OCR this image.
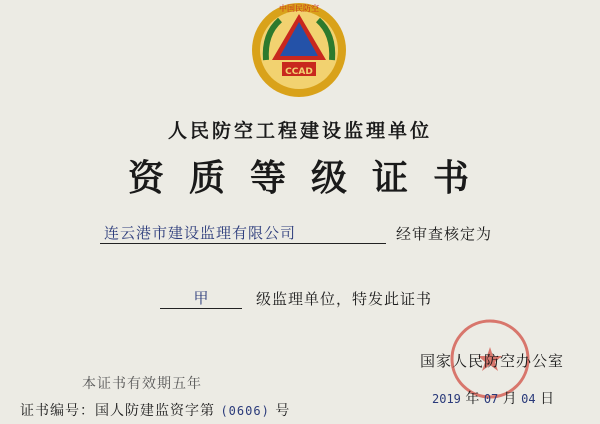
CCAD
中国民防空
人民防空工程建设监理单位
资质等级证书
连云港市建设监理有限公司	经审查核定为
甲	级监理单位，特发此证书
国家人民防空办公室
本证书有效期五年
证书编号：国人防建监资字第 (0606) 号
2019 年 07 月 04 日
